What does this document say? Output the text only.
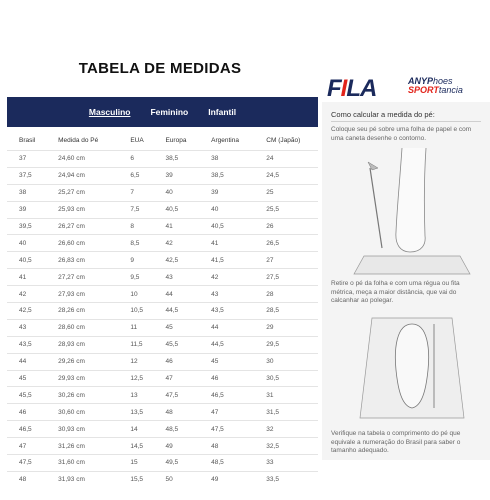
TABELA DE MEDIDAS
Masculino Feminino Infantil
Brasil	Medida do Pé	EUA	Europa	Argentina	CM (Japão)
37	24,60 cm	6	38,5	38	24
37,5	24,94 cm	6,5	39	38,5	24,5
38	25,27 cm	7	40	39	25
39	25,93 cm	7,5	40,5	40	25,5
39,5	26,27 cm	8	41	40,5	26
40	26,60 cm	8,5	42	41	26,5
40,5	26,83 cm	9	42,5	41,5	27
41	27,27 cm	9,5	43	42	27,5
42	27,93 cm	10	44	43	28
42,5	28,26 cm	10,5	44,5	43,5	28,5
43	28,60 cm	11	45	44	29
43,5	28,93 cm	11,5	45,5	44,5	29,5
44	29,26 cm	12	46	45	30
45	29,93 cm	12,5	47	46	30,5
45,5	30,26 cm	13	47,5	46,5	31
46	30,60 cm	13,5	48	47	31,5
46,5	30,93 cm	14	48,5	47,5	32
47	31,26 cm	14,5	49	48	32,5
47,5	31,60 cm	15	49,5	48,5	33
48	31,93 cm	15,5	50	49	33,5
FILA	ANYPhoes
SPORTtancia
Como calcular a medida do pé:
Coloque seu pé sobre uma folha de papel e com uma caneta desenhe o contorno.
Retire o pé da folha e com uma régua ou fita métrica, meça a maior distância, que vai do calcanhar ao polegar.
Verifique na tabela o comprimento do pé que equivale a numeração do Brasil para saber o tamanho adequado.
